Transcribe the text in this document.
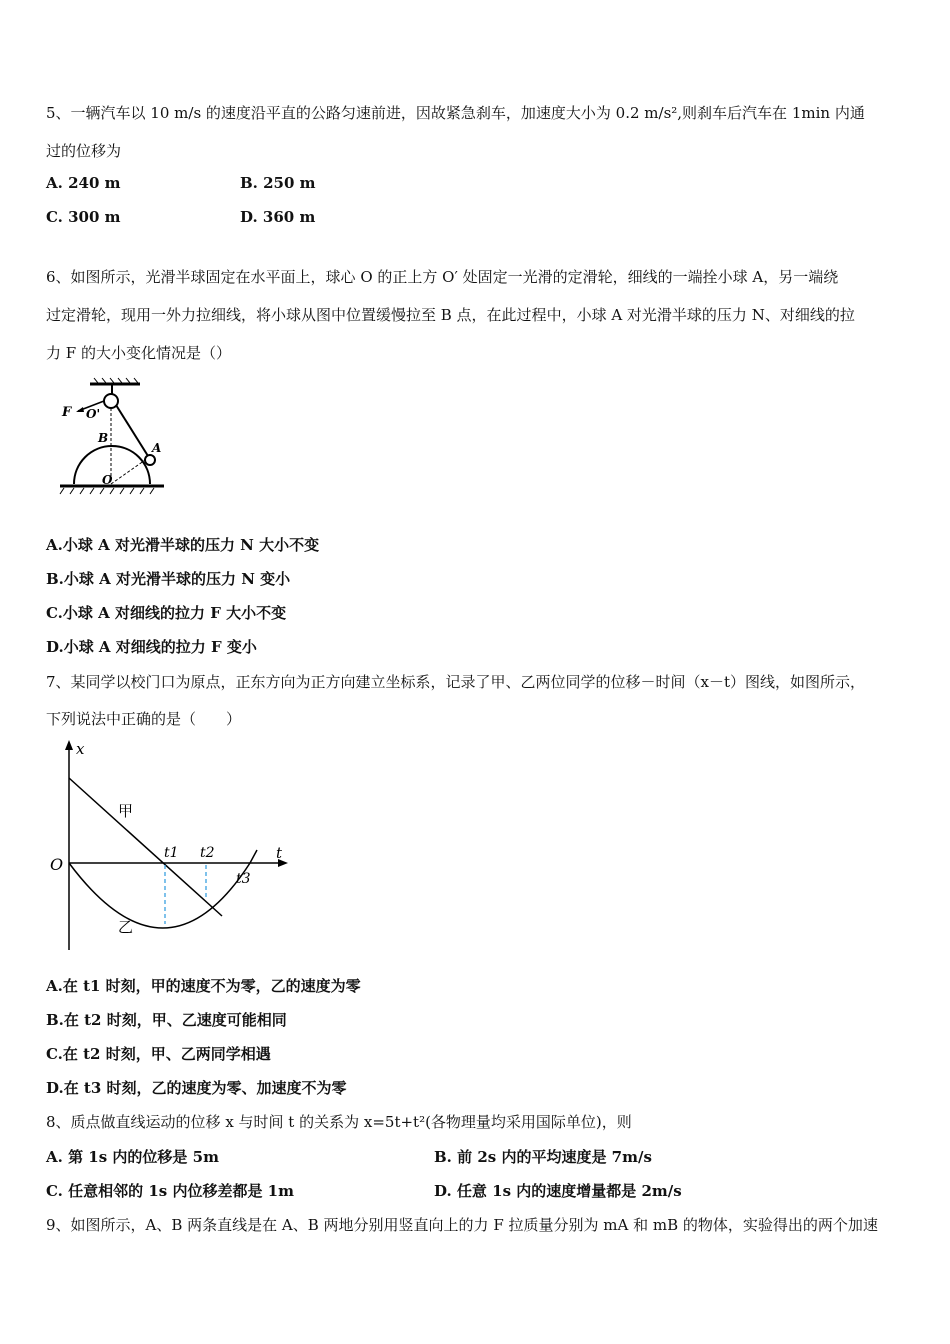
5、一辆汽车以 10 m/s 的速度沿平直的公路匀速前进，因故紧急刹车，加速度大小为 0.2 m/s²,则刹车后汽车在 1min 内通
过的位移为
A. 240 m	B. 250 m
C. 300 m	D. 360 m
6、如图所示，光滑半球固定在水平面上，球心 O 的正上方 O′ 处固定一光滑的定滑轮，细线的一端拴小球 A，另一端绕
过定滑轮，现用一外力拉细线，将小球从图中位置缓慢拉至 B 点，在此过程中，小球 A 对光滑半球的压力 N、对细线的拉
力 F 的大小变化情况是（）
F O'
B
A
O
A.小球 A 对光滑半球的压力 N 大小不变
B.小球 A 对光滑半球的压力 N 变小
C.小球 A 对细线的拉力 F 大小不变
D.小球 A 对细线的拉力 F 变小
7、某同学以校门口为原点，正东方向为正方向建立坐标系，记录了甲、乙两位同学的位移－时间（x－t）图线，如图所示，
下列说法中正确的是（　　）
x
t
O
甲
乙
t1 t2
t3
A.在 t1 时刻，甲的速度不为零，乙的速度为零
B.在 t2 时刻，甲、乙速度可能相同
C.在 t2 时刻，甲、乙两同学相遇
D.在 t3 时刻，乙的速度为零、加速度不为零
8、质点做直线运动的位移 x 与时间 t 的关系为 x=5t+t²(各物理量均采用国际单位)，则
A. 第 1s 内的位移是 5m	B. 前 2s 内的平均速度是 7m/s
C. 任意相邻的 1s 内位移差都是 1m	D. 任意 1s 内的速度增量都是 2m/s
9、如图所示，A、B 两条直线是在 A、B 两地分别用竖直向上的力 F 拉质量分别为 mA 和 mB 的物体，实验得出的两个加速
